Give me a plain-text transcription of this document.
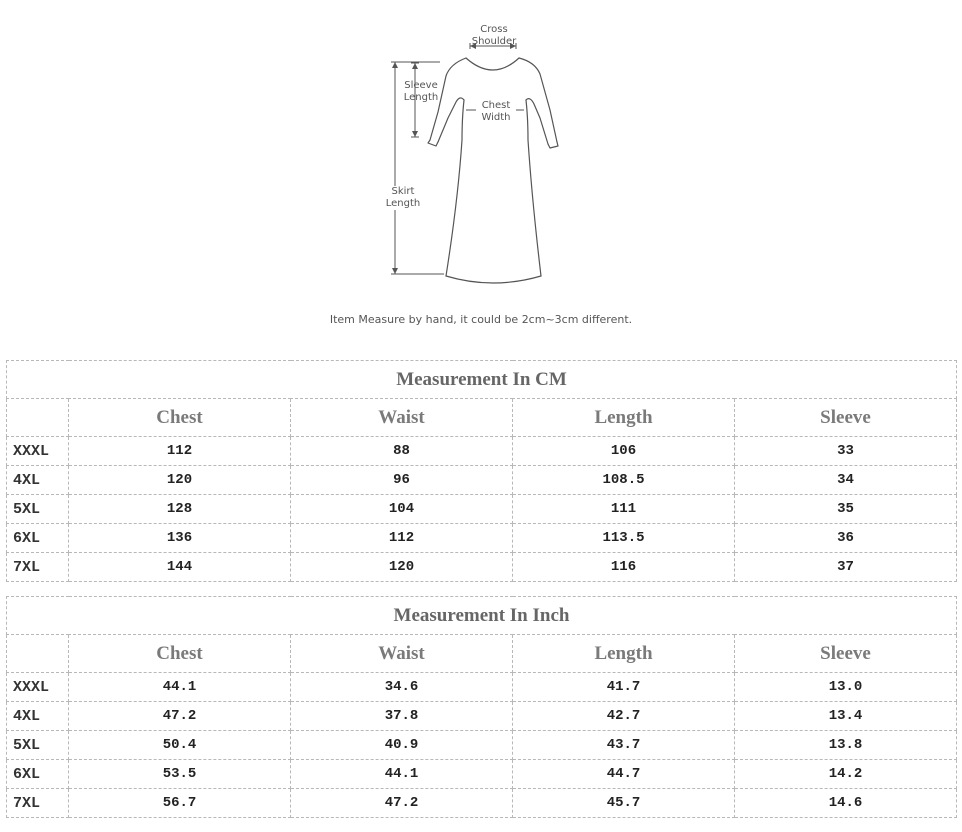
Cross
Shoulder
Sleeve
Length
Chest
Width
Skirt
Length
Item Measure by hand, it could be 2cm~3cm different.
Measurement In CM				
	Chest	Waist	Length	Sleeve
XXXL	112	88	106	33
4XL	120	96	108.5	34
5XL	128	104	111	35
6XL	136	112	113.5	36
7XL	144	120	116	37
Measurement In Inch				
	Chest	Waist	Length	Sleeve
XXXL	44.1	34.6	41.7	13.0
4XL	47.2	37.8	42.7	13.4
5XL	50.4	40.9	43.7	13.8
6XL	53.5	44.1	44.7	14.2
7XL	56.7	47.2	45.7	14.6
